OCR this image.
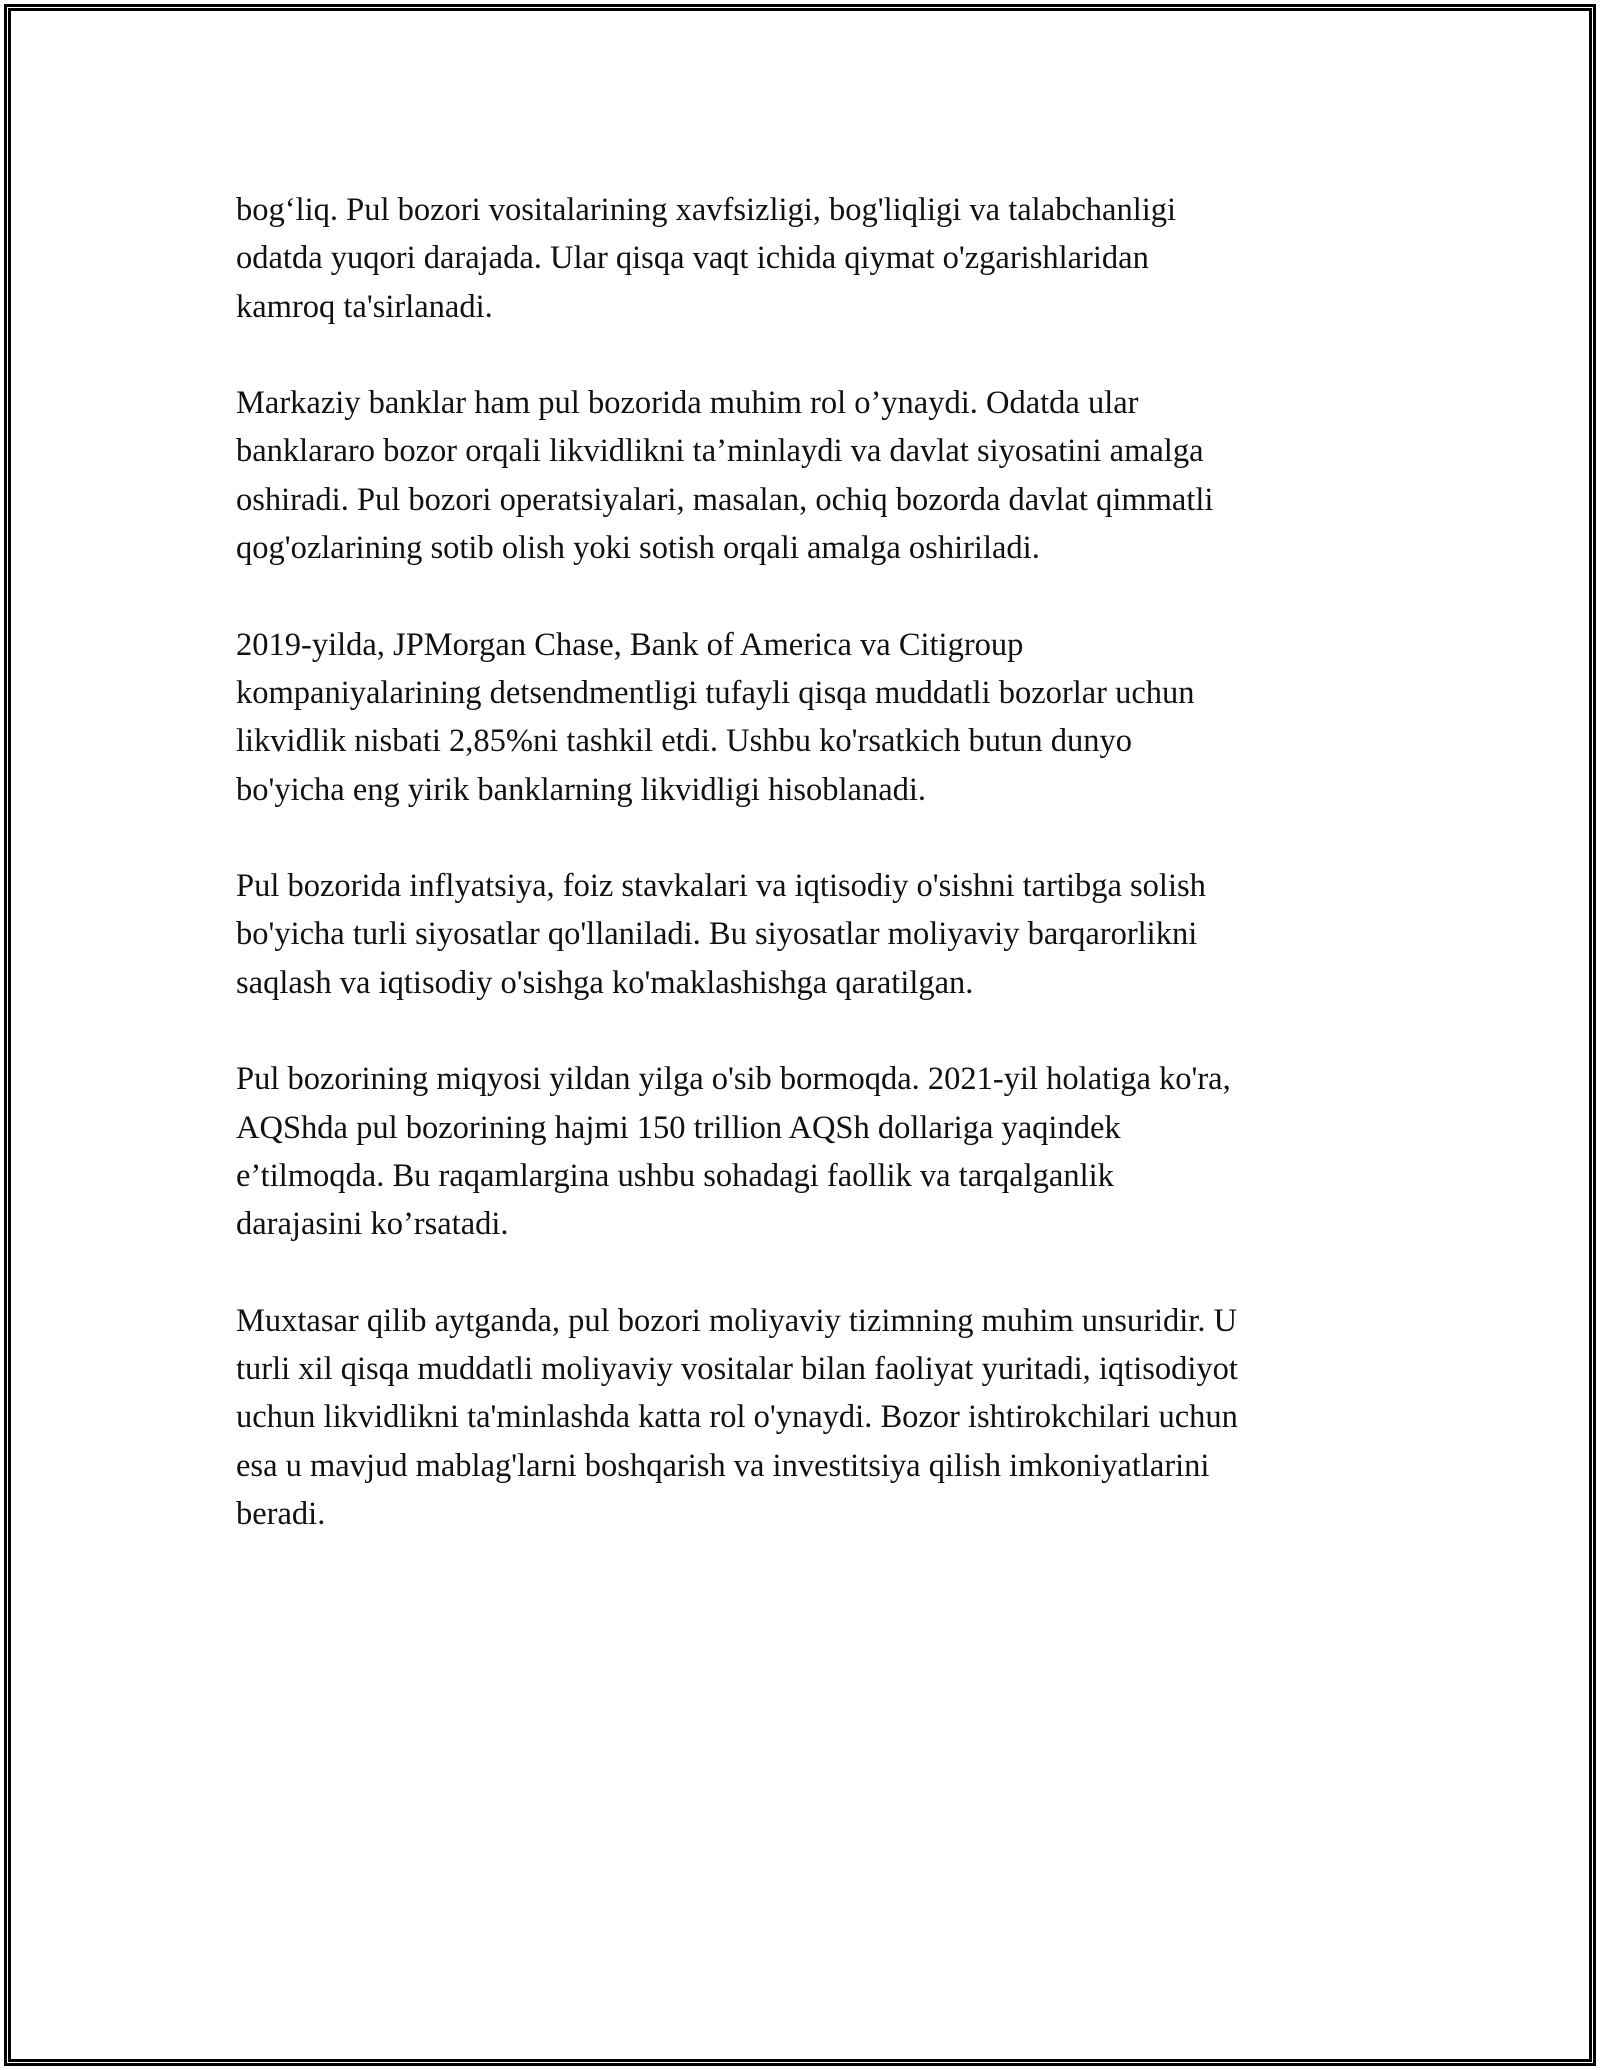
bog‘liq. Pul bozori vositalarining xavfsizligi, bog'liqligi va talabchanligi
odatda yuqori darajada. Ular qisqa vaqt ichida qiymat o'zgarishlaridan
kamroq ta'sirlanadi.

Markaziy banklar ham pul bozorida muhim rol o’ynaydi. Odatda ular
banklararo bozor orqali likvidlikni ta’minlaydi va davlat siyosatini amalga
oshiradi. Pul bozori operatsiyalari, masalan, ochiq bozorda davlat qimmatli
qog'ozlarining sotib olish yoki sotish orqali amalga oshiriladi.

2019-yilda, JPMorgan Chase, Bank of America va Citigroup
kompaniyalarining detsendmentligi tufayli qisqa muddatli bozorlar uchun
likvidlik nisbati 2,85%ni tashkil etdi. Ushbu ko'rsatkich butun dunyo
bo'yicha eng yirik banklarning likvidligi hisoblanadi.

Pul bozorida inflyatsiya, foiz stavkalari va iqtisodiy o'sishni tartibga solish
bo'yicha turli siyosatlar qo'llaniladi. Bu siyosatlar moliyaviy barqarorlikni
saqlash va iqtisodiy o'sishga ko'maklashishga qaratilgan.

Pul bozorining miqyosi yildan yilga o'sib bormoqda. 2021-yil holatiga ko'ra,
AQShda pul bozorining hajmi 150 trillion AQSh dollariga yaqindek
e’tilmoqda. Bu raqamlargina ushbu sohadagi faollik va tarqalganlik
darajasini ko’rsatadi.

Muxtasar qilib aytganda, pul bozori moliyaviy tizimning muhim unsuridir. U
turli xil qisqa muddatli moliyaviy vositalar bilan faoliyat yuritadi, iqtisodiyot
uchun likvidlikni ta'minlashda katta rol o'ynaydi. Bozor ishtirokchilari uchun
esa u mavjud mablag'larni boshqarish va investitsiya qilish imkoniyatlarini
beradi.
